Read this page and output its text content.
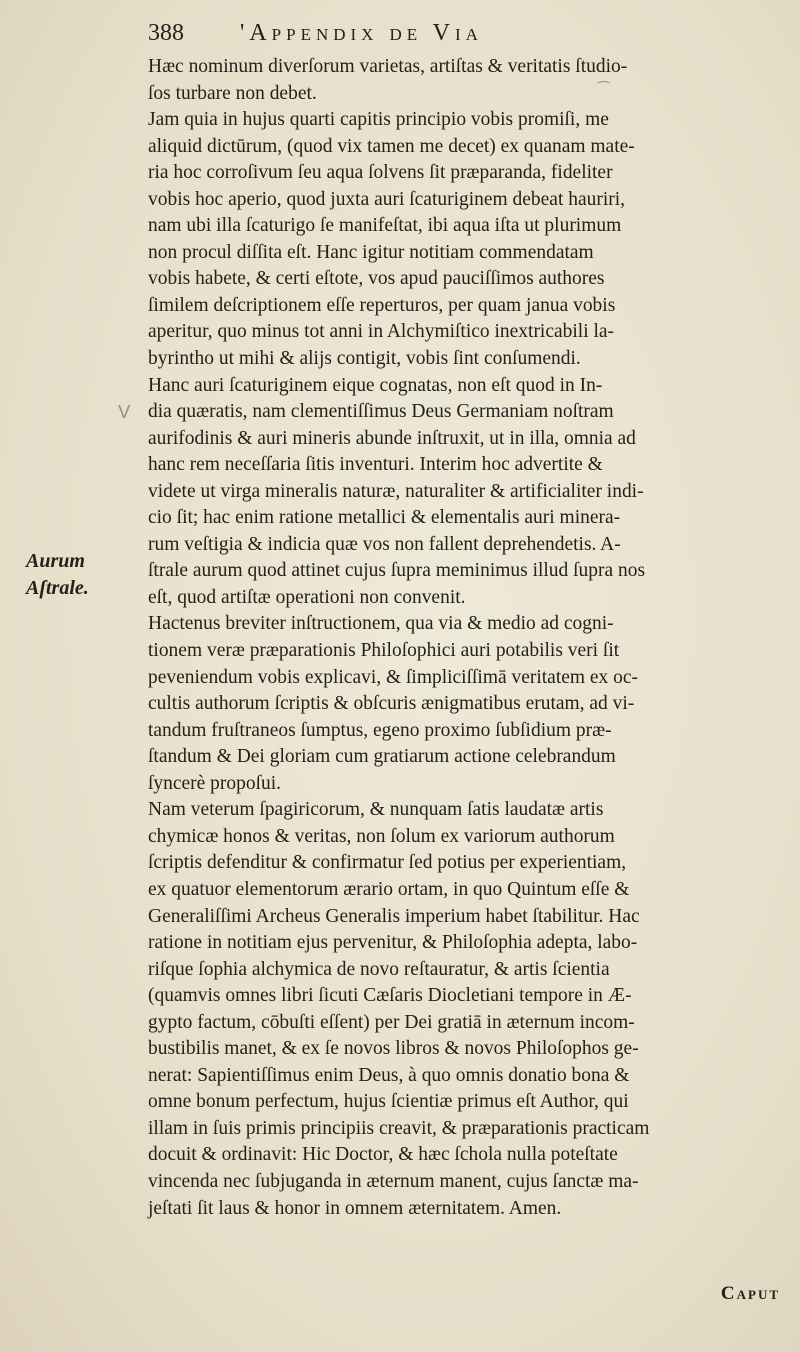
388 'Appendix de Via
Aurum
Aſtrale.
Hæc nominum diverſorum varietas, artiſtas & veritatis ſtudio-
ſos turbare non debet.
Jam quia in hujus quarti capitis principio vobis promiſi, me
aliquid dictūrum, (quod vix tamen me decet) ex quanam mate-
ria hoc corroſivum ſeu aqua ſolvens ſit præparanda, fideliter
vobis hoc aperio, quod juxta auri ſcaturiginem debeat hauriri,
nam ubi illa ſcaturigo ſe manifeſtat, ibi aqua iſta ut plurimum
non procul diſſita eſt. Hanc igitur notitiam commendatam
vobis habete, & certi eſtote, vos apud pauciſſimos authores
ſimilem deſcriptionem eſſe reperturos, per quam janua vobis
aperitur, quo minus tot anni in Alchymiſtico inextricabili la-
byrintho ut mihi & alijs contigit, vobis ſint conſumendi.
Hanc auri ſcaturiginem eique cognatas, non eſt quod in In-
dia quæratis, nam clementiſſimus Deus Germaniam noſtram
aurifodinis & auri mineris abunde inſtruxit, ut in illa, omnia ad
hanc rem neceſſaria ſitis inventuri. Interim hoc advertite &
videte ut virga mineralis naturæ, naturaliter & artificialiter indi-
cio ſit; hac enim ratione metallici & elementalis auri minera-
rum veſtigia & indicia quæ vos non fallent deprehendetis. A-
ſtrale aurum quod attinet cujus ſupra meminimus illud ſupra nos
eſt, quod artiſtæ operationi non convenit.
Hactenus breviter inſtructionem, qua via & medio ad cogni-
tionem veræ præparationis Philoſophici auri potabilis veri ſit
peveniendum vobis explicavi, & ſimpliciſſimā veritatem ex oc-
cultis authorum ſcriptis & obſcuris ænigmatibus erutam, ad vi-
tandum fruſtraneos ſumptus, egeno proximo ſubſidium præ-
ſtandum & Dei gloriam cum gratiarum actione celebrandum
ſyncerè propoſui.
Nam veterum ſpagiricorum, & nunquam ſatis laudatæ artis
chymicæ honos & veritas, non ſolum ex variorum authorum
ſcriptis defenditur & confirmatur ſed potius per experientiam,
ex quatuor elementorum ærario ortam, in quo Quintum eſſe &
Generaliſſimi Archeus Generalis imperium habet ſtabilitur. Hac
ratione in notitiam ejus pervenitur, & Philoſophia adepta, labo-
riſque ſophia alchymica de novo reſtauratur, & artis ſcientia
(quamvis omnes libri ſicuti Cæſaris Diocletiani tempore in Æ-
gypto factum, cōbuſti eſſent) per Dei gratiā in æternum incom-
bustibilis manet, & ex ſe novos libros & novos Philoſophos ge-
nerat: Sapientiſſimus enim Deus, à quo omnis donatio bona &
omne bonum perfectum, hujus ſcientiæ primus eſt Author, qui
illam in ſuis primis principiis creavit, & præparationis practicam
docuit & ordinavit: Hic Doctor, & hæc ſchola nulla poteſtate
vincenda nec ſubjuganda in æternum manent, cujus ſanctæ ma-
jeſtati ſit laus & honor in omnem æternitatem. Amen.
Caput
ᐯ
⁀
